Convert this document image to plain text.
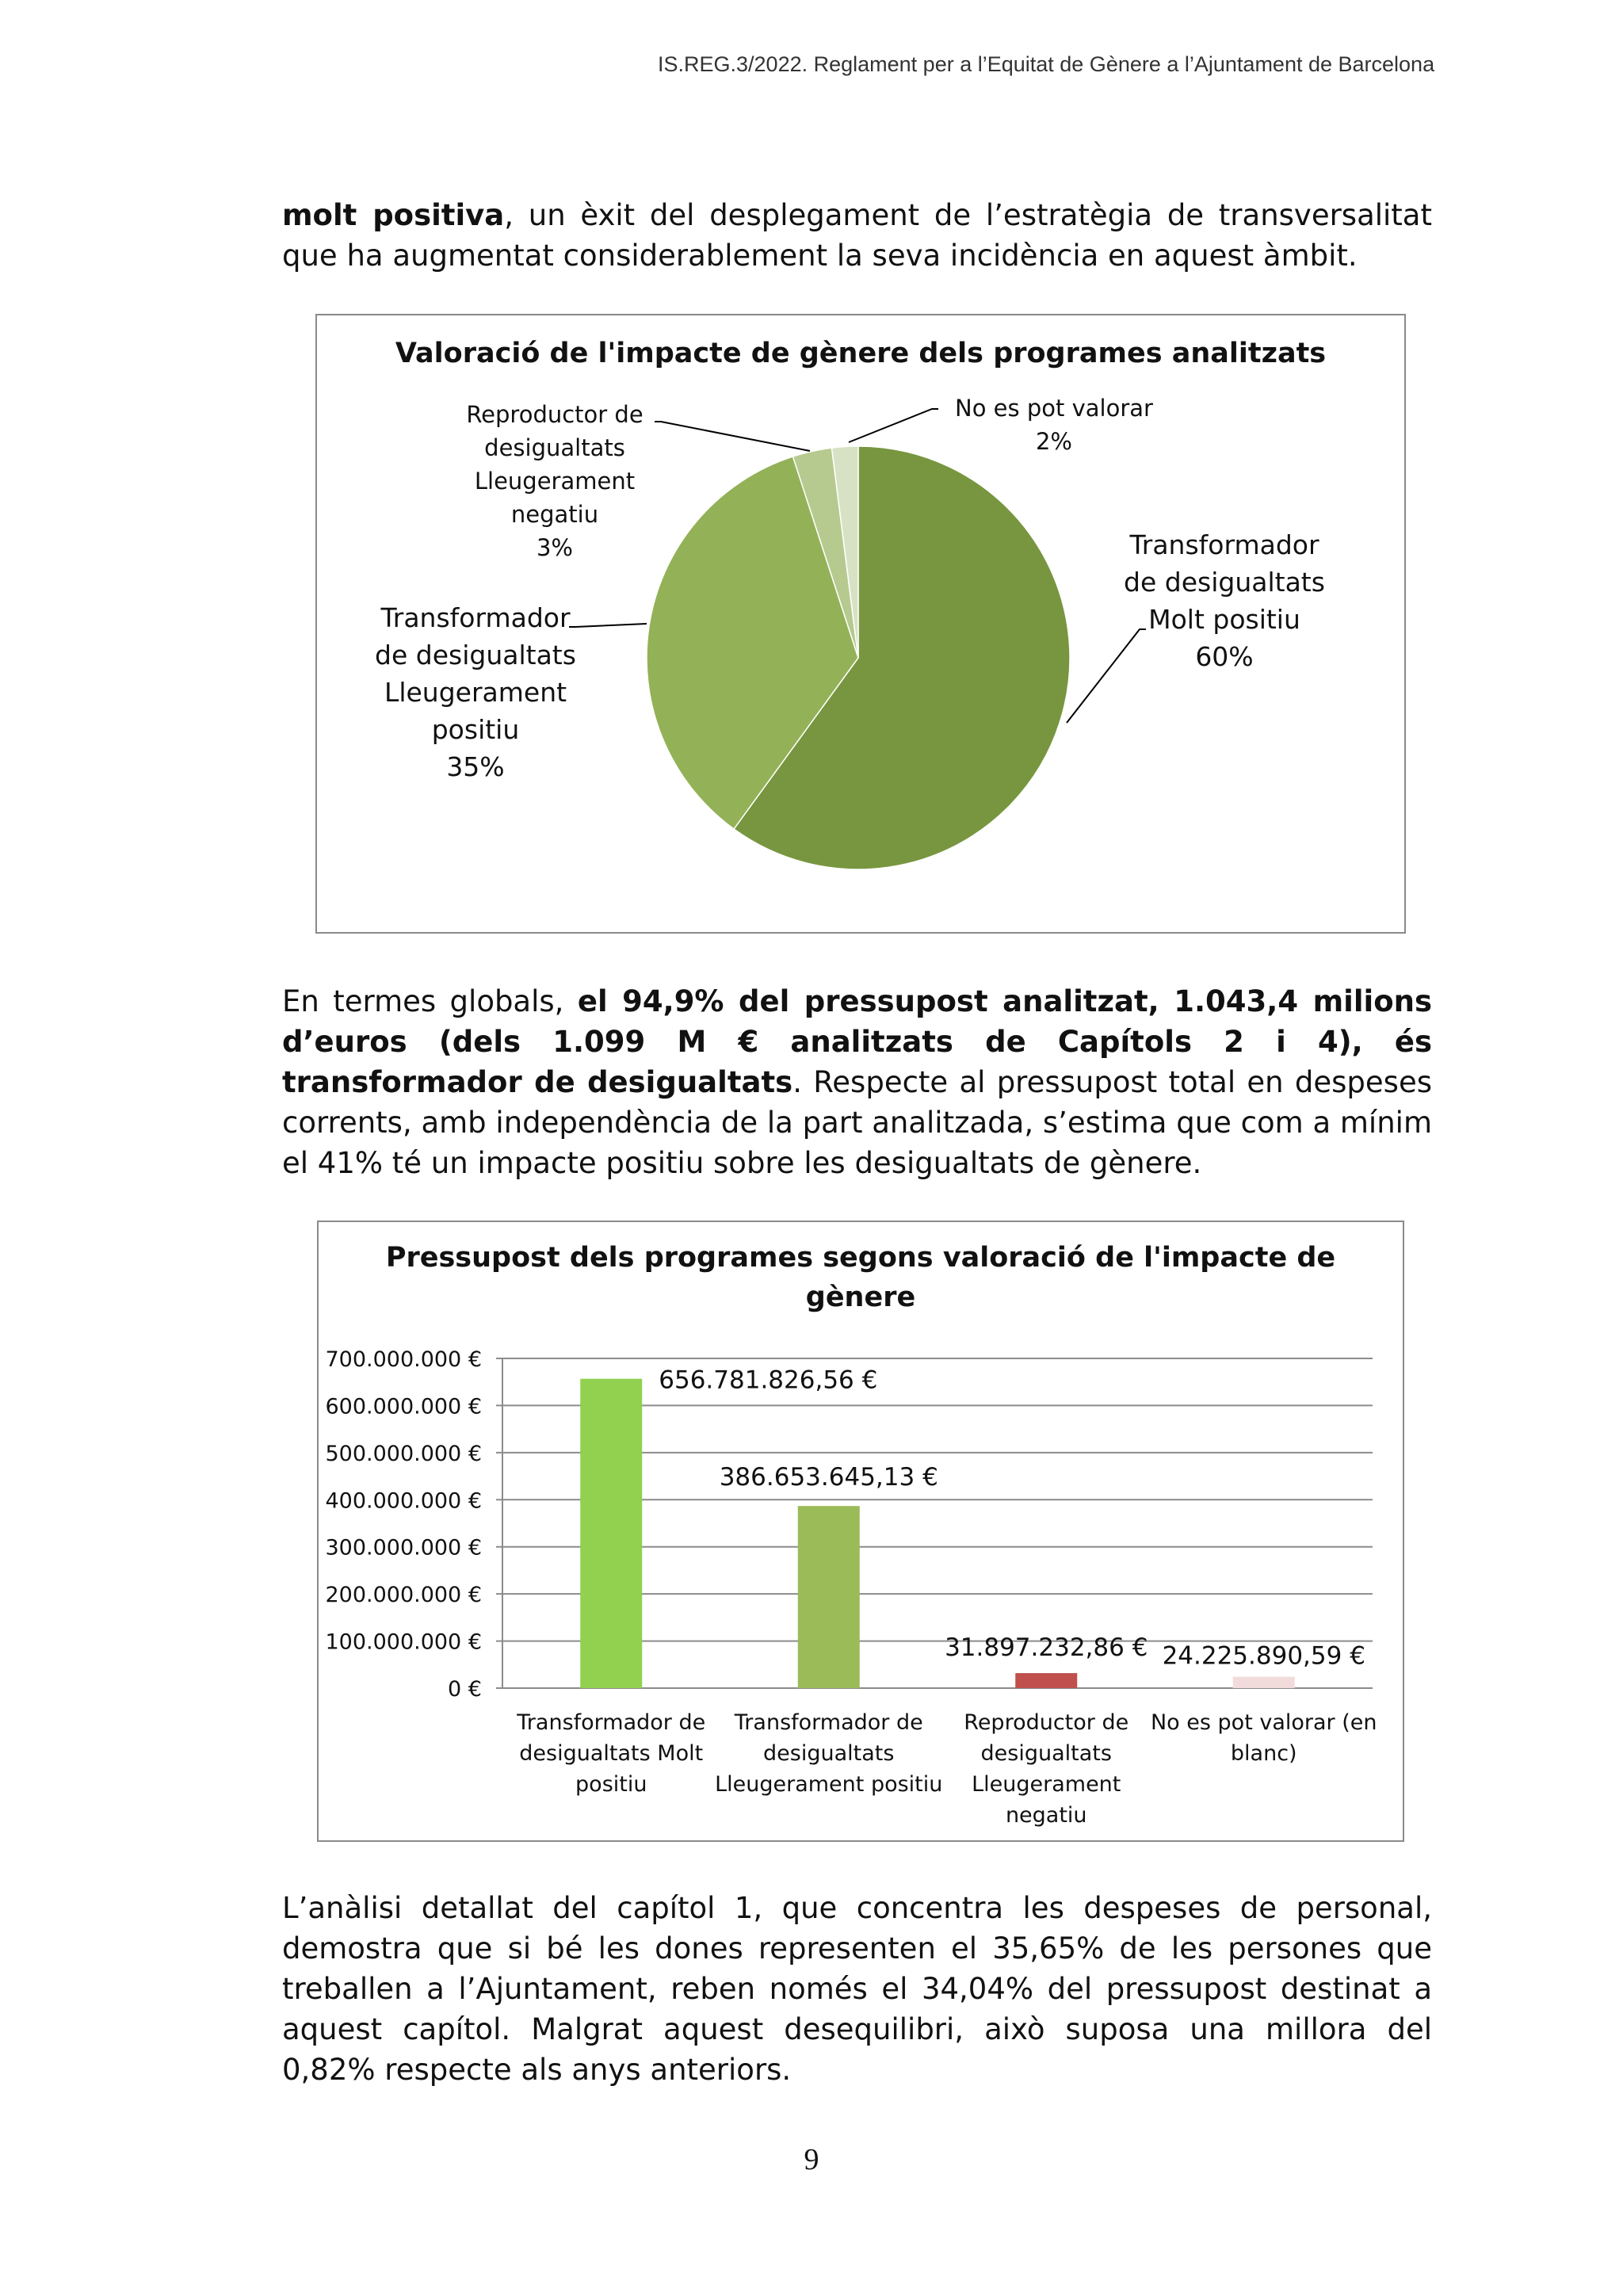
IS.REG.3/2022. Reglament per a l’Equitat de Gènere a l’Ajuntament de Barcelona
molt positiva, un èxit del desplegament de l’estratègia de transversalitat que ha augmentat considerablement la seva incidència en aquest àmbit.
Valoració de l'impacte de gènere dels programes analitzats
Transformador
de desigualtats
Molt positiu
60%
Transformador
de desigualtats
Lleugerament
positiu
35%
Reproductor de
desigualtats
Lleugerament
negatiu
3%
No es pot valorar
2%
En termes globals, el 94,9% del pressupost analitzat, 1.043,4 milions d’euros (dels 1.099 M € analitzats de Capítols 2 i 4), és transformador de desigualtats. Respecte al pressupost total en despeses corrents, amb independència de la part analitzada, s’estima que com a mínim el 41% té un impacte positiu sobre les desigualtats de gènere.
Pressupost dels programes segons valoració de l'impacte de
gènere
0 €
100.000.000 €
200.000.000 €
300.000.000 €
400.000.000 €
500.000.000 €
600.000.000 €
700.000.000 €
656.781.826,56 €
Transformador de
desigualtats Molt
positiu
386.653.645,13 €
Transformador de
desigualtats
Lleugerament positiu
31.897.232,86 €
Reproductor de
desigualtats
Lleugerament
negatiu
24.225.890,59 €
No es pot valorar (en
blanc)
L’anàlisi detallat del capítol 1, que concentra les despeses de personal, demostra que si bé les dones representen el 35,65% de les persones que treballen a l’Ajuntament, reben només el 34,04% del pressupost destinat a aquest capítol. Malgrat aquest desequilibri, això suposa una millora del 0,82% respecte als anys anteriors.
9
